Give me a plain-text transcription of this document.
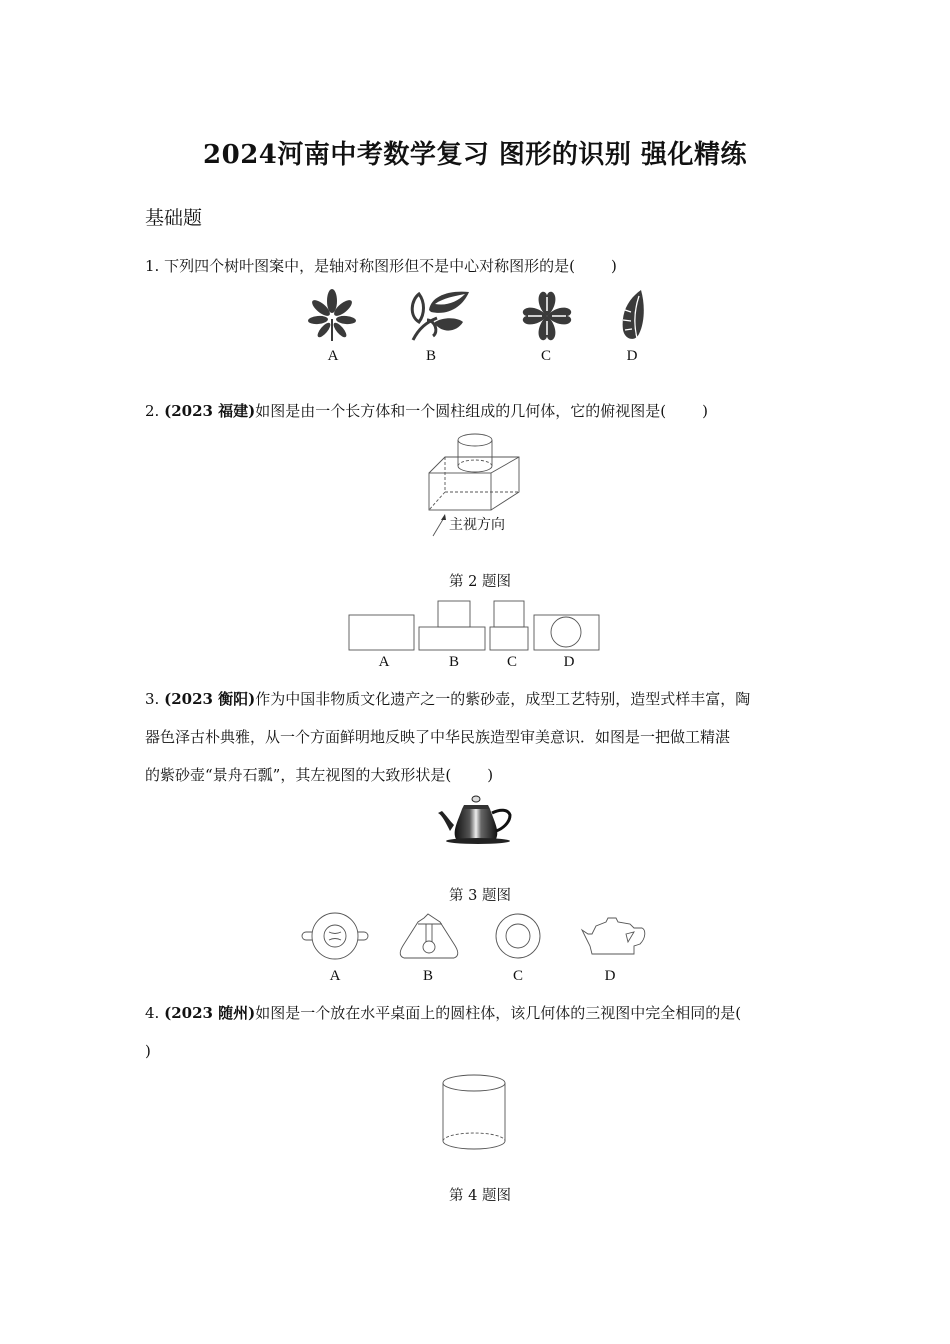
2024河南中考数学复习 图形的识别 强化精练
基础题
1. 下列四个树叶图案中，是轴对称图形但不是中心对称图形的是( )
A	B	C	D
2. (2023 福建)如图是由一个长方体和一个圆柱组成的几何体，它的俯视图是( )
主视方向
第 2 题图
A	B	C	D
3. (2023 衡阳)作为中国非物质文化遗产之一的紫砂壶，成型工艺特别，造型式样丰富，陶
器色泽古朴典雅，从一个方面鲜明地反映了中华民族造型审美意识．如图是一把做工精湛
的紫砂壶“景舟石瓢”，其左视图的大致形状是( )
第 3 题图
A	B	C	D
4. (2023 随州)如图是一个放在水平桌面上的圆柱体，该几何体的三视图中完全相同的是(
)
第 4 题图
